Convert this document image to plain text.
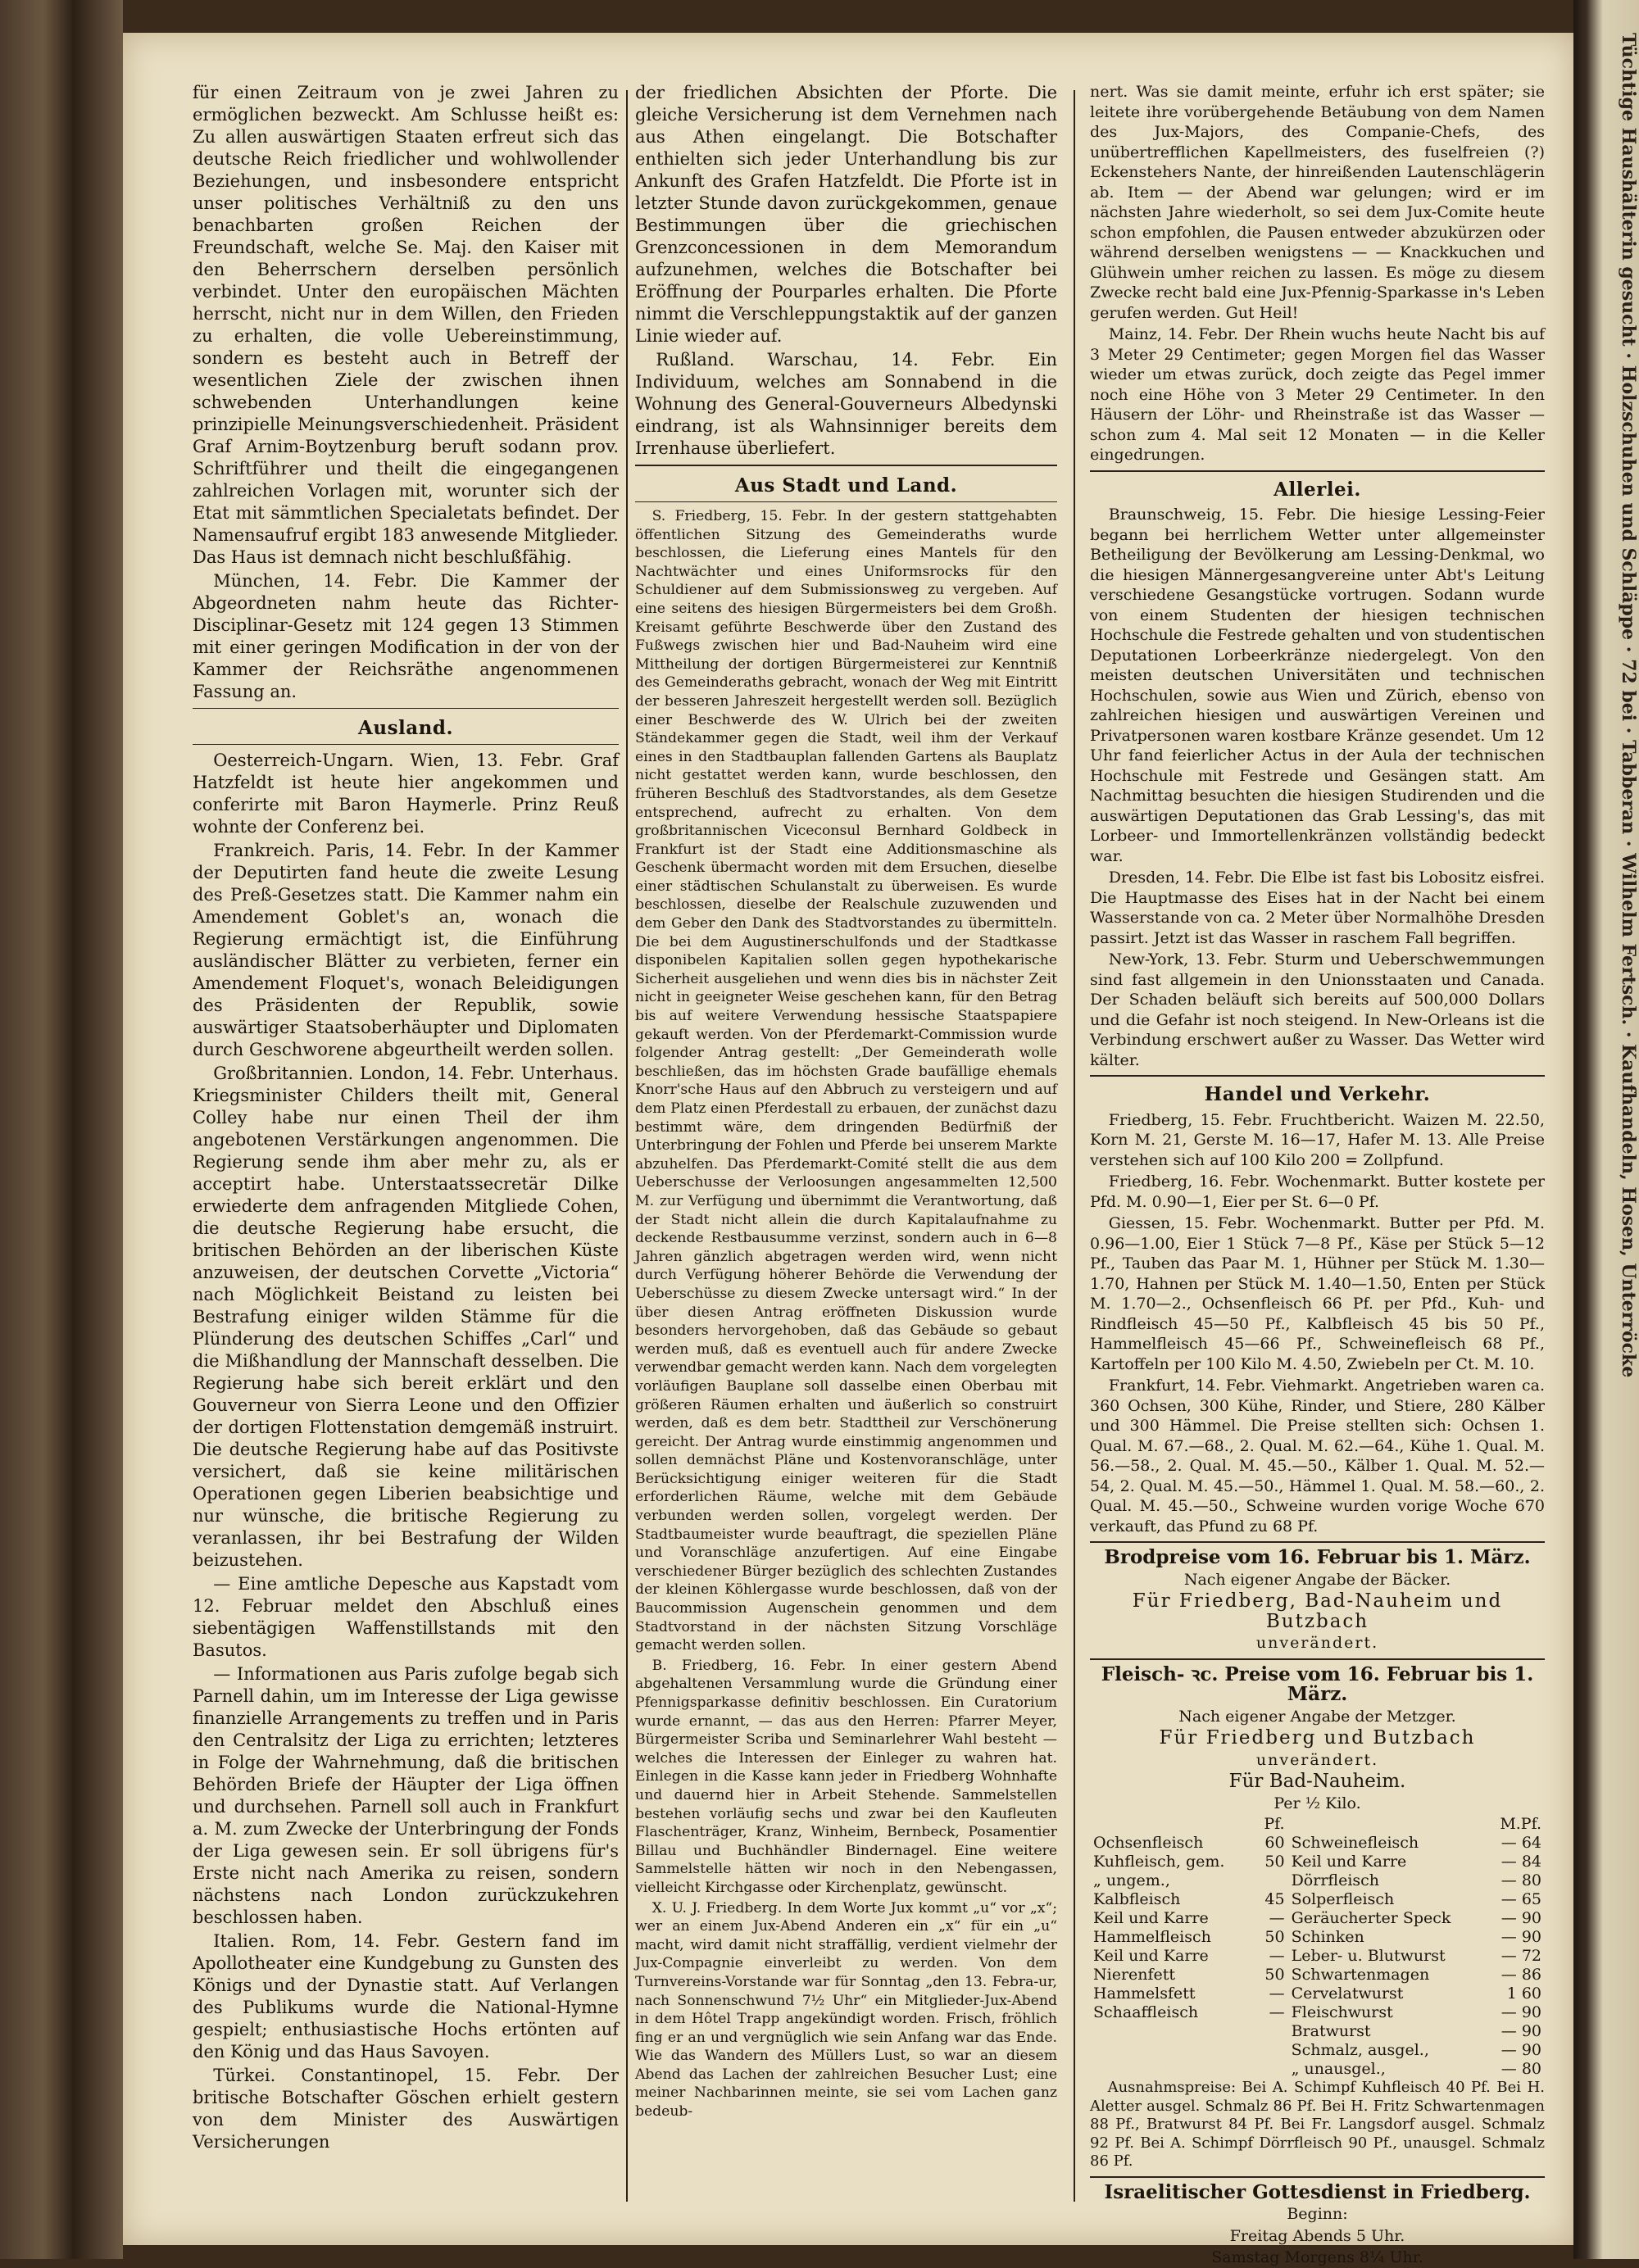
für einen Zeitraum von je zwei Jahren zu ermöglichen bezweckt. Am Schlusse heißt es: Zu allen auswärtigen Staaten erfreut sich das deutsche Reich friedlicher und wohlwollender Beziehungen, und insbesondere entspricht unser politisches Verhältniß zu den uns benachbarten großen Reichen der Freundschaft, welche Se. Maj. den Kaiser mit den Beherrschern derselben persönlich verbindet. Unter den europäischen Mächten herrscht, nicht nur in dem Willen, den Frieden zu erhalten, die volle Uebereinstimmung, sondern es besteht auch in Betreff der wesentlichen Ziele der zwischen ihnen schwebenden Unterhandlungen keine prinzipielle Meinungsverschiedenheit. Präsident Graf Arnim-Boytzenburg beruft sodann prov. Schriftführer und theilt die eingegangenen zahlreichen Vorlagen mit, worunter sich der Etat mit sämmtlichen Specialetats befindet. Der Namensaufruf ergibt 183 anwesende Mitglieder. Das Haus ist demnach nicht beschlußfähig.

München, 14. Febr. Die Kammer der Abgeordneten nahm heute das Richter-Disciplinar-Gesetz mit 124 gegen 13 Stimmen mit einer geringen Modification in der von der Kammer der Reichsräthe angenommenen Fassung an.

Ausland.

Oesterreich-Ungarn. Wien, 13. Febr. Graf Hatzfeldt ist heute hier angekommen und conferirte mit Baron Haymerle. Prinz Reuß wohnte der Conferenz bei.

Frankreich. Paris, 14. Febr. In der Kammer der Deputirten fand heute die zweite Lesung des Preß-Gesetzes statt. Die Kammer nahm ein Amendement Goblet's an, wonach die Regierung ermächtigt ist, die Einführung ausländischer Blätter zu verbieten, ferner ein Amendement Floquet's, wonach Beleidigungen des Präsidenten der Republik, sowie auswärtiger Staatsoberhäupter und Diplomaten durch Geschworene abgeurtheilt werden sollen.

Großbritannien. London, 14. Febr. Unterhaus. Kriegsminister Childers theilt mit, General Colley habe nur einen Theil der ihm angebotenen Verstärkungen angenommen. Die Regierung sende ihm aber mehr zu, als er acceptirt habe. Unterstaatssecretär Dilke erwiederte dem anfragenden Mitgliede Cohen, die deutsche Regierung habe ersucht, die britischen Behörden an der liberischen Küste anzuweisen, der deutschen Corvette „Victoria“ nach Möglichkeit Beistand zu leisten bei Bestrafung einiger wilden Stämme für die Plünderung des deutschen Schiffes „Carl“ und die Mißhandlung der Mannschaft desselben. Die Regierung habe sich bereit erklärt und den Gouverneur von Sierra Leone und den Offizier der dortigen Flottenstation demgemäß instruirt. Die deutsche Regierung habe auf das Positivste versichert, daß sie keine militärischen Operationen gegen Liberien beabsichtige und nur wünsche, die britische Regierung zu veranlassen, ihr bei Bestrafung der Wilden beizustehen.

— Eine amtliche Depesche aus Kapstadt vom 12. Februar meldet den Abschluß eines siebentägigen Waffenstillstands mit den Basutos.

— Informationen aus Paris zufolge begab sich Parnell dahin, um im Interesse der Liga gewisse finanzielle Arrangements zu treffen und in Paris den Centralsitz der Liga zu errichten; letzteres in Folge der Wahrnehmung, daß die britischen Behörden Briefe der Häupter der Liga öffnen und durchsehen. Parnell soll auch in Frankfurt a. M. zum Zwecke der Unterbringung der Fonds der Liga gewesen sein. Er soll übrigens für's Erste nicht nach Amerika zu reisen, sondern nächstens nach London zurückzukehren beschlossen haben.

Italien. Rom, 14. Febr. Gestern fand im Apollotheater eine Kundgebung zu Gunsten des Königs und der Dynastie statt. Auf Verlangen des Publikums wurde die National-Hymne gespielt; enthusiastische Hochs ertönten auf den König und das Haus Savoyen.

Türkei. Constantinopel, 15. Febr. Der britische Botschafter Göschen erhielt gestern von dem Minister des Auswärtigen Versicherungen

der friedlichen Absichten der Pforte. Die gleiche Versicherung ist dem Vernehmen nach aus Athen eingelangt. Die Botschafter enthielten sich jeder Unterhandlung bis zur Ankunft des Grafen Hatzfeldt. Die Pforte ist in letzter Stunde davon zurückgekommen, genaue Bestimmungen über die griechischen Grenzconcessionen in dem Memorandum aufzunehmen, welches die Botschafter bei Eröffnung der Pourparles erhalten. Die Pforte nimmt die Verschleppungstaktik auf der ganzen Linie wieder auf.

Rußland. Warschau, 14. Febr. Ein Individuum, welches am Sonnabend in die Wohnung des General-Gouverneurs Albedynski eindrang, ist als Wahnsinniger bereits dem Irrenhause überliefert.

Aus Stadt und Land.

S. Friedberg, 15. Febr. In der gestern stattgehabten öffentlichen Sitzung des Gemeinderaths wurde beschlossen, die Lieferung eines Mantels für den Nachtwächter und eines Uniformsrocks für den Schuldiener auf dem Submissionsweg zu vergeben. Auf eine seitens des hiesigen Bürgermeisters bei dem Großh. Kreisamt geführte Beschwerde über den Zustand des Fußwegs zwischen hier und Bad-Nauheim wird eine Mittheilung der dortigen Bürgermeisterei zur Kenntniß des Gemeinderaths gebracht, wonach der Weg mit Eintritt der besseren Jahreszeit hergestellt werden soll. Bezüglich einer Beschwerde des W. Ulrich bei der zweiten Ständekammer gegen die Stadt, weil ihm der Verkauf eines in den Stadtbauplan fallenden Gartens als Bauplatz nicht gestattet werden kann, wurde beschlossen, den früheren Beschluß des Stadtvorstandes, als dem Gesetze entsprechend, aufrecht zu erhalten. Von dem großbritannischen Viceconsul Bernhard Goldbeck in Frankfurt ist der Stadt eine Additionsmaschine als Geschenk übermacht worden mit dem Ersuchen, dieselbe einer städtischen Schulanstalt zu überweisen. Es wurde beschlossen, dieselbe der Realschule zuzuwenden und dem Geber den Dank des Stadtvorstandes zu übermitteln. Die bei dem Augustinerschulfonds und der Stadtkasse disponibelen Kapitalien sollen gegen hypothekarische Sicherheit ausgeliehen und wenn dies bis in nächster Zeit nicht in geeigneter Weise geschehen kann, für den Betrag bis auf weitere Verwendung hessische Staatspapiere gekauft werden. Von der Pferdemarkt-Commission wurde folgender Antrag gestellt: „Der Gemeinderath wolle beschließen, das im höchsten Grade baufällige ehemals Knorr'sche Haus auf den Abbruch zu versteigern und auf dem Platz einen Pferdestall zu erbauen, der zunächst dazu bestimmt wäre, dem dringenden Bedürfniß der Unterbringung der Fohlen und Pferde bei unserem Markte abzuhelfen. Das Pferdemarkt-Comité stellt die aus dem Ueberschusse der Verloosungen angesammelten 12,500 M. zur Verfügung und übernimmt die Verantwortung, daß der Stadt nicht allein die durch Kapitalaufnahme zu deckende Restbausumme verzinst, sondern auch in 6—8 Jahren gänzlich abgetragen werden wird, wenn nicht durch Verfügung höherer Behörde die Verwendung der Ueberschüsse zu diesem Zwecke untersagt wird.“ In der über diesen Antrag eröffneten Diskussion wurde besonders hervorgehoben, daß das Gebäude so gebaut werden muß, daß es eventuell auch für andere Zwecke verwendbar gemacht werden kann. Nach dem vorgelegten vorläufigen Bauplane soll dasselbe einen Oberbau mit größeren Räumen erhalten und äußerlich so construirt werden, daß es dem betr. Stadttheil zur Verschönerung gereicht. Der Antrag wurde einstimmig angenommen und sollen demnächst Pläne und Kostenvoranschläge, unter Berücksichtigung einiger weiteren für die Stadt erforderlichen Räume, welche mit dem Gebäude verbunden werden sollen, vorgelegt werden. Der Stadtbaumeister wurde beauftragt, die speziellen Pläne und Voranschläge anzufertigen. Auf eine Eingabe verschiedener Bürger bezüglich des schlechten Zustandes der kleinen Köhlergasse wurde beschlossen, daß von der Baucommission Augenschein genommen und dem Stadtvorstand in der nächsten Sitzung Vorschläge gemacht werden sollen.

B. Friedberg, 16. Febr. In einer gestern Abend abgehaltenen Versammlung wurde die Gründung einer Pfennigsparkasse definitiv beschlossen. Ein Curatorium wurde ernannt, — das aus den Herren: Pfarrer Meyer, Bürgermeister Scriba und Seminarlehrer Wahl besteht — welches die Interessen der Einleger zu wahren hat. Einlegen in die Kasse kann jeder in Friedberg Wohnhafte und dauernd hier in Arbeit Stehende. Sammelstellen bestehen vorläufig sechs und zwar bei den Kaufleuten Flaschenträger, Kranz, Winheim, Bernbeck, Posamentier Billau und Buchhändler Bindernagel. Eine weitere Sammelstelle hätten wir noch in den Nebengassen, vielleicht Kirchgasse oder Kirchenplatz, gewünscht.

X. U. J. Friedberg. In dem Worte Jux kommt „u“ vor „x“; wer an einem Jux-Abend Anderen ein „x“ für ein „u“ macht, wird damit nicht straffällig, verdient vielmehr der Jux-Compagnie einverleibt zu werden. Von dem Turnvereins-Vorstande war für Sonntag „den 13. Febra-ur, nach Sonnenschwund 7½ Uhr“ ein Mitglieder-Jux-Abend in dem Hôtel Trapp angekündigt worden. Frisch, fröhlich fing er an und vergnüglich wie sein Anfang war das Ende. Wie das Wandern des Müllers Lust, so war an diesem Abend das Lachen der zahlreichen Besucher Lust; eine meiner Nachbarinnen meinte, sie sei vom Lachen ganz bedeub-

nert. Was sie damit meinte, erfuhr ich erst später; sie leitete ihre vorübergehende Betäubung von dem Namen des Jux-Majors, des Companie-Chefs, des unübertrefflichen Kapellmeisters, des fuselfreien (?) Eckenstehers Nante, der hinreißenden Lautenschlägerin ab. Item — der Abend war gelungen; wird er im nächsten Jahre wiederholt, so sei dem Jux-Comite heute schon empfohlen, die Pausen entweder abzukürzen oder während derselben wenigstens — — Knackkuchen und Glühwein umher reichen zu lassen. Es möge zu diesem Zwecke recht bald eine Jux-Pfennig-Sparkasse in's Leben gerufen werden. Gut Heil!

Mainz, 14. Febr. Der Rhein wuchs heute Nacht bis auf 3 Meter 29 Centimeter; gegen Morgen fiel das Wasser wieder um etwas zurück, doch zeigte das Pegel immer noch eine Höhe von 3 Meter 29 Centimeter. In den Häusern der Löhr- und Rheinstraße ist das Wasser — schon zum 4. Mal seit 12 Monaten — in die Keller eingedrungen.

Allerlei.

Braunschweig, 15. Febr. Die hiesige Lessing-Feier begann bei herrlichem Wetter unter allgemeinster Betheiligung der Bevölkerung am Lessing-Denkmal, wo die hiesigen Männergesangvereine unter Abt's Leitung verschiedene Gesangstücke vortrugen. Sodann wurde von einem Studenten der hiesigen technischen Hochschule die Festrede gehalten und von studentischen Deputationen Lorbeerkränze niedergelegt. Von den meisten deutschen Universitäten und technischen Hochschulen, sowie aus Wien und Zürich, ebenso von zahlreichen hiesigen und auswärtigen Vereinen und Privatpersonen waren kostbare Kränze gesendet. Um 12 Uhr fand feierlicher Actus in der Aula der technischen Hochschule mit Festrede und Gesängen statt. Am Nachmittag besuchten die hiesigen Studirenden und die auswärtigen Deputationen das Grab Lessing's, das mit Lorbeer- und Immortellenkränzen vollständig bedeckt war.

Dresden, 14. Febr. Die Elbe ist fast bis Lobositz eisfrei. Die Hauptmasse des Eises hat in der Nacht bei einem Wasserstande von ca. 2 Meter über Normalhöhe Dresden passirt. Jetzt ist das Wasser in raschem Fall begriffen.

New-York, 13. Febr. Sturm und Ueberschwemmungen sind fast allgemein in den Unionsstaaten und Canada. Der Schaden beläuft sich bereits auf 500,000 Dollars und die Gefahr ist noch steigend. In New-Orleans ist die Verbindung erschwert außer zu Wasser. Das Wetter wird kälter.

Handel und Verkehr.

Friedberg, 15. Febr. Fruchtbericht. Waizen M. 22.50, Korn M. 21, Gerste M. 16—17, Hafer M. 13. Alle Preise verstehen sich auf 100 Kilo 200 = Zollpfund.

Friedberg, 16. Febr. Wochenmarkt. Butter kostete per Pfd. M. 0.90—1, Eier per St. 6—0 Pf.

Giessen, 15. Febr. Wochenmarkt. Butter per Pfd. M. 0.96—1.00, Eier 1 Stück 7—8 Pf., Käse per Stück 5—12 Pf., Tauben das Paar M. 1, Hühner per Stück M. 1.30—1.70, Hahnen per Stück M. 1.40—1.50, Enten per Stück M. 1.70—2., Ochsenfleisch 66 Pf. per Pfd., Kuh- und Rindfleisch 45—50 Pf., Kalbfleisch 45 bis 50 Pf., Hammelfleisch 45—66 Pf., Schweinefleisch 68 Pf., Kartoffeln per 100 Kilo M. 4.50, Zwiebeln per Ct. M. 10.

Frankfurt, 14. Febr. Viehmarkt. Angetrieben waren ca. 360 Ochsen, 300 Kühe, Rinder, und Stiere, 280 Kälber und 300 Hämmel. Die Preise stellten sich: Ochsen 1. Qual. M. 67.—68., 2. Qual. M. 62.—64., Kühe 1. Qual. M. 56.—58., 2. Qual. M. 45.—50., Kälber 1. Qual. M. 52.—54, 2. Qual. M. 45.—50., Hämmel 1. Qual. M. 58.—60., 2. Qual. M. 45.—50., Schweine wurden vorige Woche 670 verkauft, das Pfund zu 68 Pf.

Brodpreise vom 16. Februar bis 1. März.

Nach eigener Angabe der Bäcker.

Für Friedberg, Bad-Nauheim und Butzbach

unverändert.

Fleisch- ꝛc. Preise vom 16. Februar bis 1. März.

Nach eigener Angabe der Metzger.

Für Friedberg und Butzbach

unverändert.

Für Bad-Nauheim.

Per ½ Kilo.

	Pf.		M.Pf.
Ochsenfleisch	60	Schweinefleisch	— 64
Kuhfleisch, gem.	50	Keil und Karre	— 84
„ ungem.,		Dörrfleisch	— 80
Kalbfleisch	45	Solperfleisch	— 65
Keil und Karre	—	Geräucherter Speck	— 90
Hammelfleisch	50	Schinken	— 90
Keil und Karre	—	Leber- u. Blutwurst	— 72
Nierenfett	50	Schwartenmagen	— 86
Hammelsfett	—	Cervelatwurst	1 60
Schaaffleisch	—	Fleischwurst	— 90
		Bratwurst	— 90
		Schmalz, ausgel.,	— 90
		„ unausgel.,	— 80

Ausnahmspreise: Bei A. Schimpf Kuhfleisch 40 Pf. Bei H. Aletter ausgel. Schmalz 86 Pf. Bei H. Fritz Schwartenmagen 88 Pf., Bratwurst 84 Pf. Bei Fr. Langsdorf ausgel. Schmalz 92 Pf. Bei A. Schimpf Dörrfleisch 90 Pf., unausgel. Schmalz 86 Pf.

Israelitischer Gottesdienst in Friedberg.

Beginn:

Freitag Abends 5 Uhr.

Samstag Morgens 8¼ Uhr.

Tüchtige Haushälterin gesucht · Holzschuhen und Schläppe · 72 bei · Tabberan · Wilhelm Fertsch. · Kaufhandeln, Hosen, Unterröcke
